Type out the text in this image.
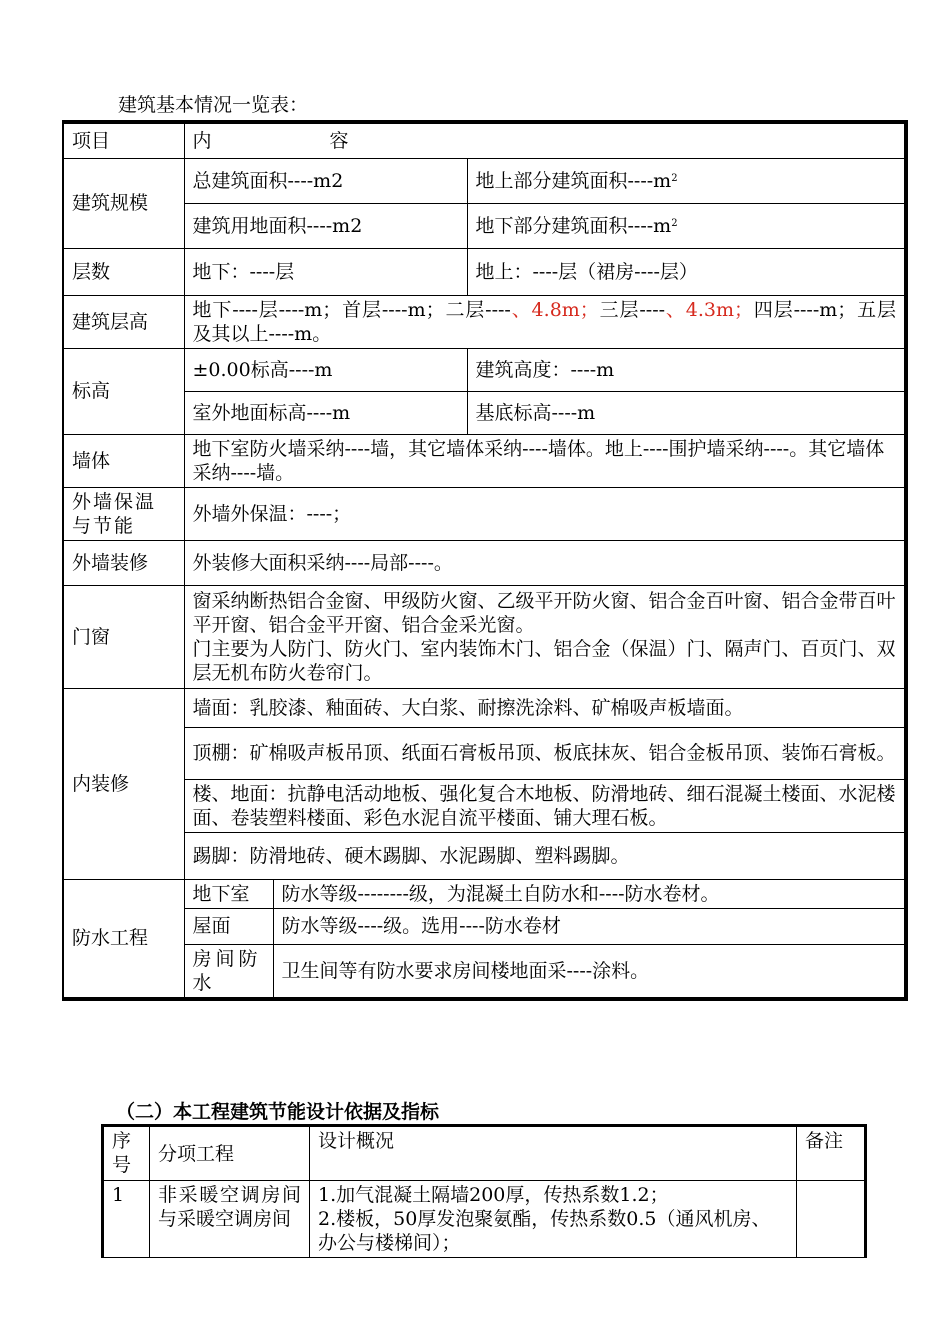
建筑基本情况一览表：
项目	内 容		
建筑规模	总建筑面积----m2		地上部分建筑面积$----m^2$
	建筑用地面积----m2		地下部分建筑面积$----m^2$
层数	地下：----层		地上：----层（裙房----层）
建筑层高	地下----层----m；首层----m；二层----、4.8m；三层----、4.3m；四层----m；五层及其以上----m。		
标高	±0.00标高----m		建筑高度：----m
	室外地面标高----m		基底标高----m
墙体	地下室防火墙采纳----墙，其它墙体采纳----墙体。地上----围护墙采纳----。其它墙体采纳----墙。		
外墙保温与节能	外墙外保温：----；		
外墙装修	外装修大面积采纳----局部----。		
门窗	窗采纳断热铝合金窗、甲级防火窗、乙级平开防火窗、铝合金百叶窗、铝合金带百叶平开窗、铝合金平开窗、铝合金采光窗。
门主要为人防门、防火门、室内装饰木门、铝合金（保温）门、隔声门、百页门、双层无机布防火卷帘门。		

内装修	墙面：乳胶漆、釉面砖、大白浆、耐擦洗涂料、矿棉吸声板墙面。		
	顶棚：矿棉吸声板吊顶、纸面石膏板吊顶、板底抹灰、铝合金板吊顶、装饰石膏板。		
	楼、地面：抗静电活动地板、强化复合木地板、防滑地砖、细石混凝土楼面、水泥楼面、卷装塑料楼面、彩色水泥自流平楼面、铺大理石板。		
	踢脚：防滑地砖、硬木踢脚、水泥踢脚、塑料踢脚。		
防水工程	地下室	防水等级--------级，为混凝土自防水和----防水卷材。	
	屋面	防水等级----级。选用----防水卷材	
	房间防水	卫生间等有防水要求房间楼地面采----涂料。	
（二）本工程建筑节能设计依据及指标
序号	分项工程	设计概况	备注
1	非采暖空调房间与采暖空调房间	1.加气混凝土隔墙200厚，传热系数1.2；
2.楼板，50厚发泡聚氨酯，传热系数0.5（通风机房、办公与楼梯间）；	
